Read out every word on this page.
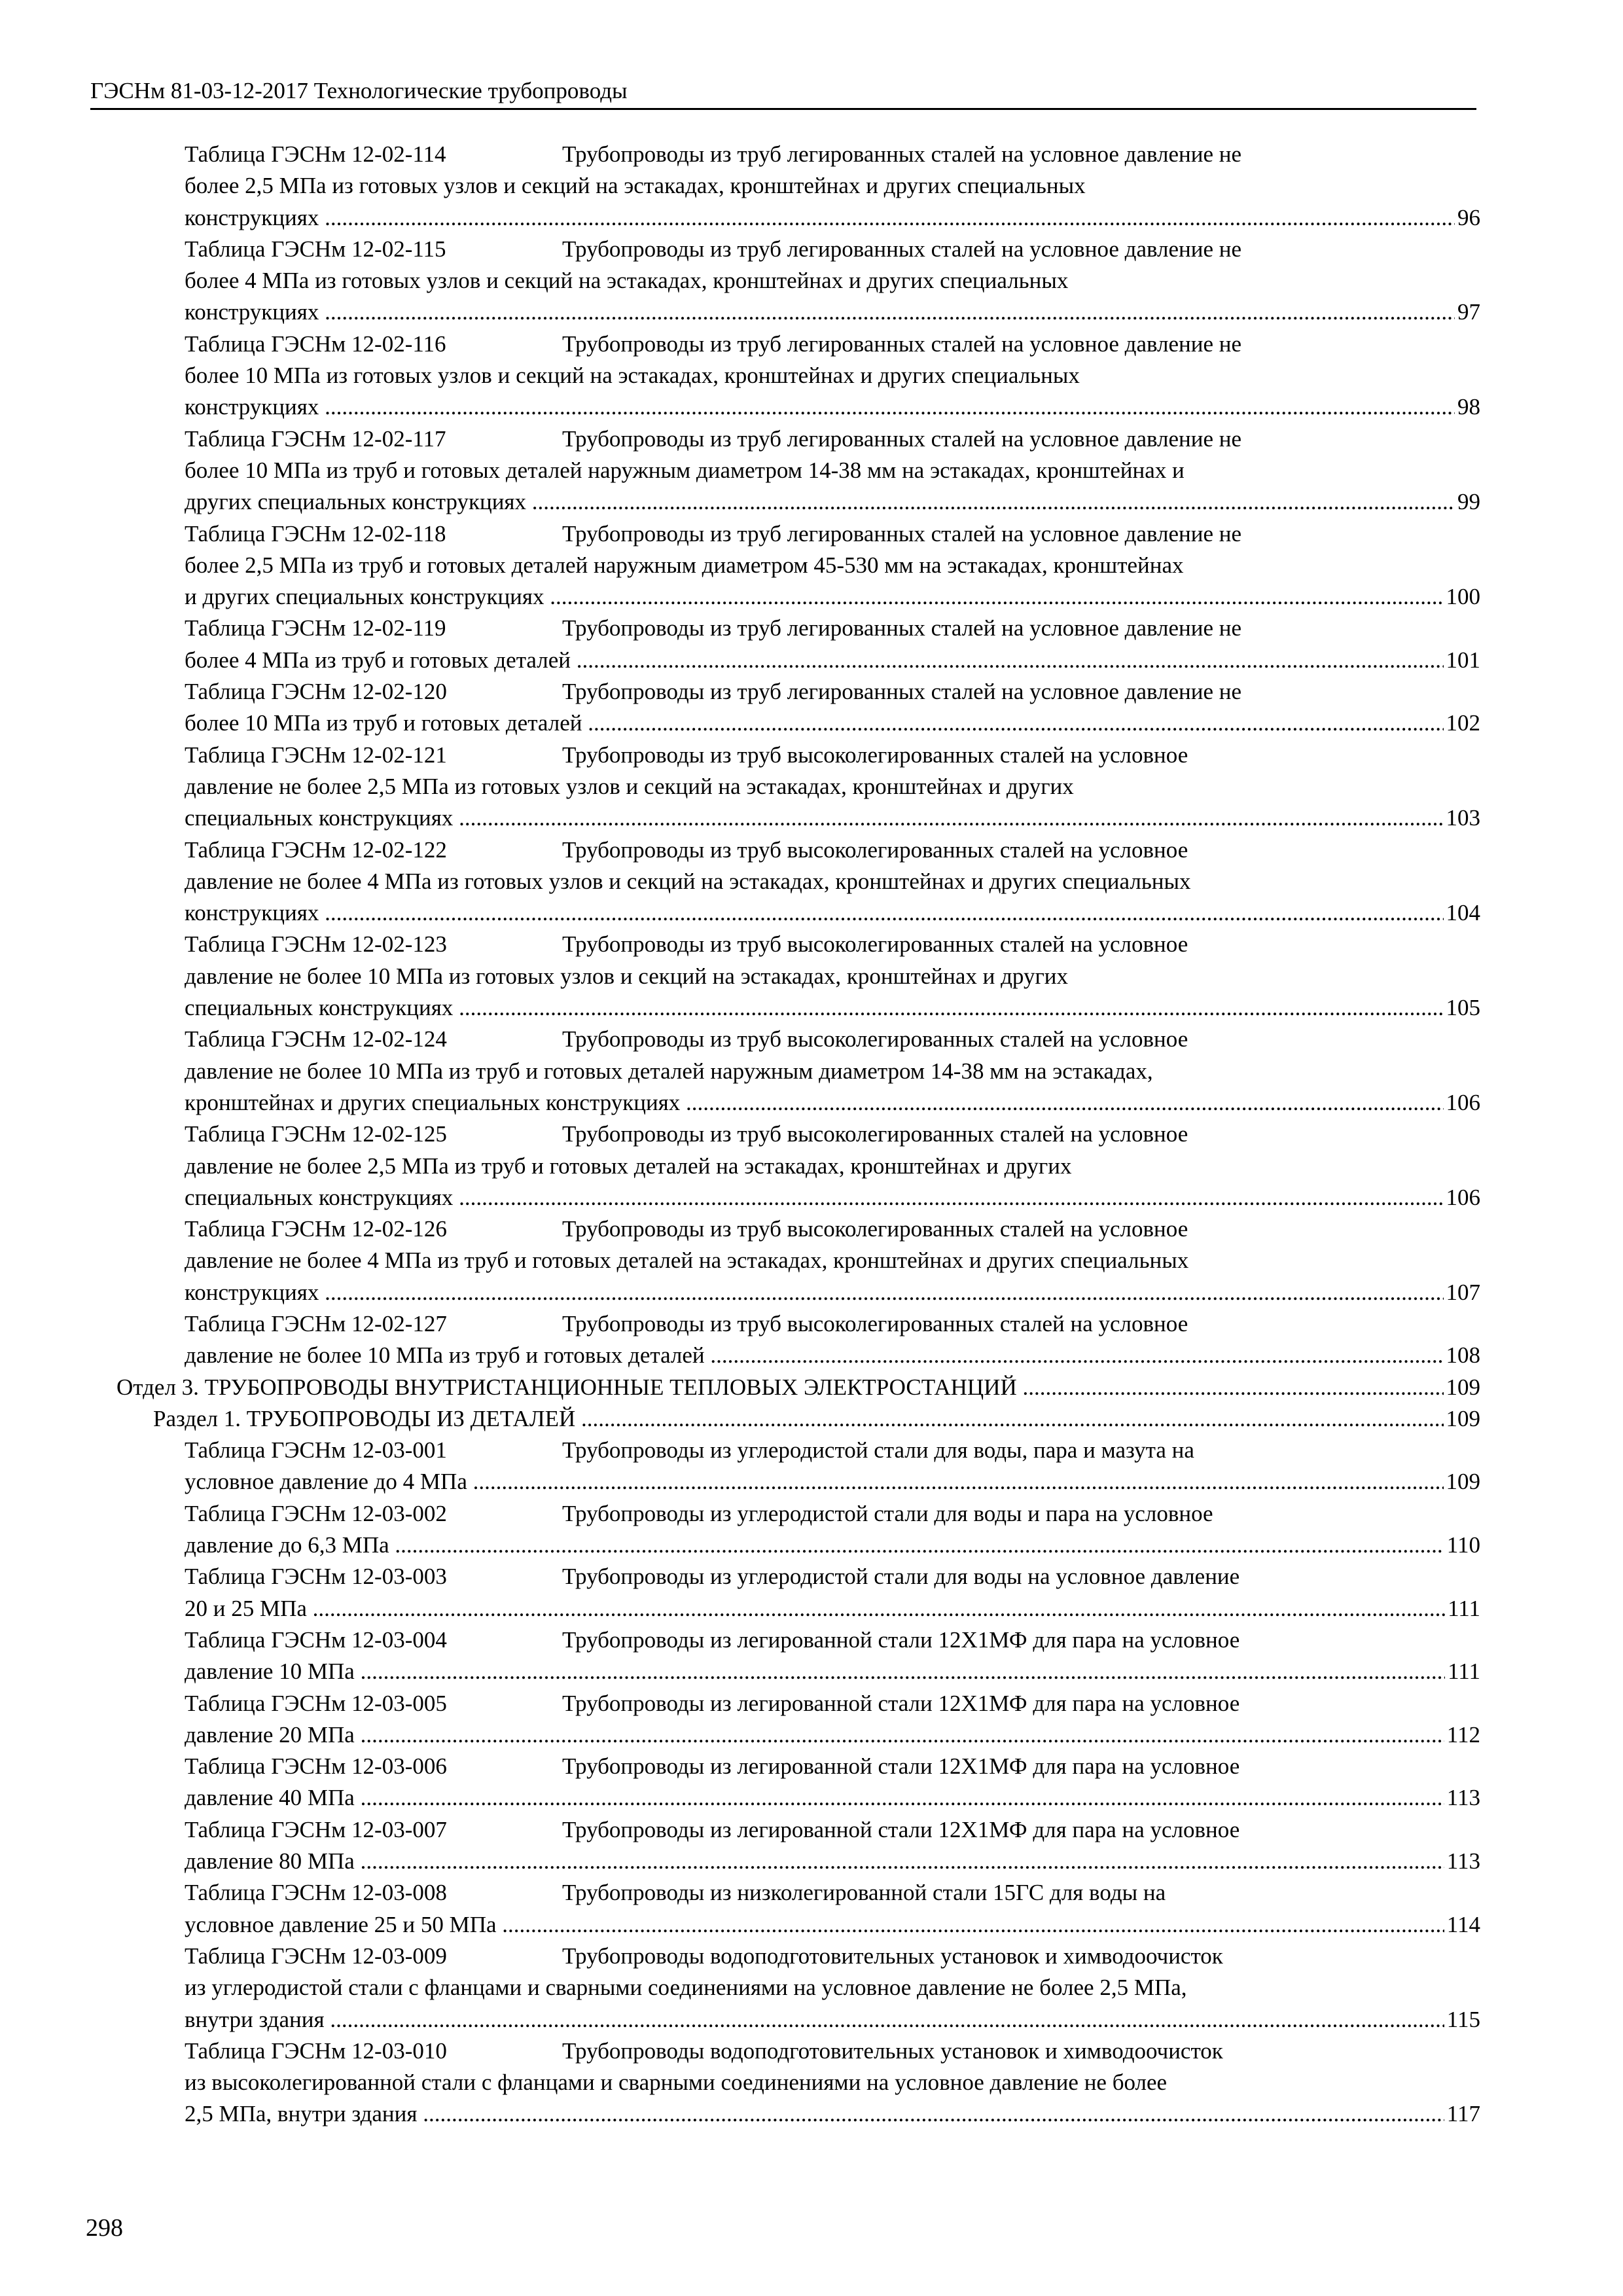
ГЭСНм 81-03-12-2017 Технологические трубопроводы
Таблица ГЭСНм 12-02-114	Трубопроводы из труб легированных сталей на условное давление не
более 2,5 МПа из готовых узлов и секций на эстакадах, кронштейнах и других специальных
конструкциях .....	96
Таблица ГЭСНм 12-02-115	Трубопроводы из труб легированных сталей на условное давление не
более 4 МПа из готовых узлов и секций на эстакадах, кронштейнах и других специальных
конструкциях .....	97
Таблица ГЭСНм 12-02-116	Трубопроводы из труб легированных сталей на условное давление не
более 10 МПа из готовых узлов и секций на эстакадах, кронштейнах и других специальных
конструкциях .....	98
Таблица ГЭСНм 12-02-117	Трубопроводы из труб легированных сталей на условное давление не
более 10 МПа из труб и готовых деталей наружным диаметром 14-38 мм на эстакадах, кронштейнах и
других специальных конструкциях .....	99
Таблица ГЭСНм 12-02-118	Трубопроводы из труб легированных сталей на условное давление не
более 2,5 МПа из труб и готовых деталей наружным диаметром 45-530 мм на эстакадах, кронштейнах
и других специальных конструкциях .....	100
Таблица ГЭСНм 12-02-119	Трубопроводы из труб легированных сталей на условное давление не
более 4 МПа из труб и готовых деталей .....	101
Таблица ГЭСНм 12-02-120	Трубопроводы из труб легированных сталей на условное давление не
более 10 МПа из труб и готовых деталей .....	102
Таблица ГЭСНм 12-02-121	Трубопроводы из труб высоколегированных сталей на условное
давление не более 2,5 МПа из готовых узлов и секций на эстакадах, кронштейнах и других
специальных конструкциях .....	103
Таблица ГЭСНм 12-02-122	Трубопроводы из труб высоколегированных сталей на условное
давление не более 4 МПа из готовых узлов и секций на эстакадах, кронштейнах и других специальных
конструкциях .....	104
Таблица ГЭСНм 12-02-123	Трубопроводы из труб высоколегированных сталей на условное
давление не более 10 МПа из готовых узлов и секций на эстакадах, кронштейнах и других
специальных конструкциях .....	105
Таблица ГЭСНм 12-02-124	Трубопроводы из труб высоколегированных сталей на условное
давление не более 10 МПа из труб и готовых деталей наружным диаметром 14-38 мм на эстакадах,
кронштейнах и других специальных конструкциях .....	106
Таблица ГЭСНм 12-02-125	Трубопроводы из труб высоколегированных сталей на условное
давление не более 2,5 МПа из труб и готовых деталей на эстакадах, кронштейнах и других
специальных конструкциях .....	106
Таблица ГЭСНм 12-02-126	Трубопроводы из труб высоколегированных сталей на условное
давление не более 4 МПа из труб и готовых деталей на эстакадах, кронштейнах и других специальных
конструкциях .....	107
Таблица ГЭСНм 12-02-127	Трубопроводы из труб высоколегированных сталей на условное
давление не более 10 МПа из труб и готовых деталей .....	108
Отдел 3. ТРУБОПРОВОДЫ ВНУТРИСТАНЦИОННЫЕ ТЕПЛОВЫХ ЭЛЕКТРОСТАНЦИЙ .....	109
Раздел 1. ТРУБОПРОВОДЫ ИЗ ДЕТАЛЕЙ .....	109
Таблица ГЭСНм 12-03-001	Трубопроводы из углеродистой стали для воды, пара и мазута на
условное давление до 4 МПа .....	109
Таблица ГЭСНм 12-03-002	Трубопроводы из углеродистой стали для воды и пара на условное
давление до 6,3 МПа .....	110
Таблица ГЭСНм 12-03-003	Трубопроводы из углеродистой стали для воды на условное давление
20 и 25 МПа .....	111
Таблица ГЭСНм 12-03-004	Трубопроводы из легированной стали 12Х1МФ для пара на условное
давление 10 МПа .....	111
Таблица ГЭСНм 12-03-005	Трубопроводы из легированной стали 12Х1МФ для пара на условное
давление 20 МПа .....	112
Таблица ГЭСНм 12-03-006	Трубопроводы из легированной стали 12Х1МФ для пара на условное
давление 40 МПа .....	113
Таблица ГЭСНм 12-03-007	Трубопроводы из легированной стали 12Х1МФ для пара на условное
давление 80 МПа .....	113
Таблица ГЭСНм 12-03-008	Трубопроводы из низколегированной стали 15ГС для воды на
условное давление 25 и 50 МПа .....	114
Таблица ГЭСНм 12-03-009	Трубопроводы водоподготовительных установок и химводоочисток
из углеродистой стали с фланцами и сварными соединениями на условное давление не более 2,5 МПа,
внутри здания .....	115
Таблица ГЭСНм 12-03-010	Трубопроводы водоподготовительных установок и химводоочисток
из высоколегированной стали с фланцами и сварными соединениями на условное давление не более
2,5 МПа, внутри здания .....	117
298
